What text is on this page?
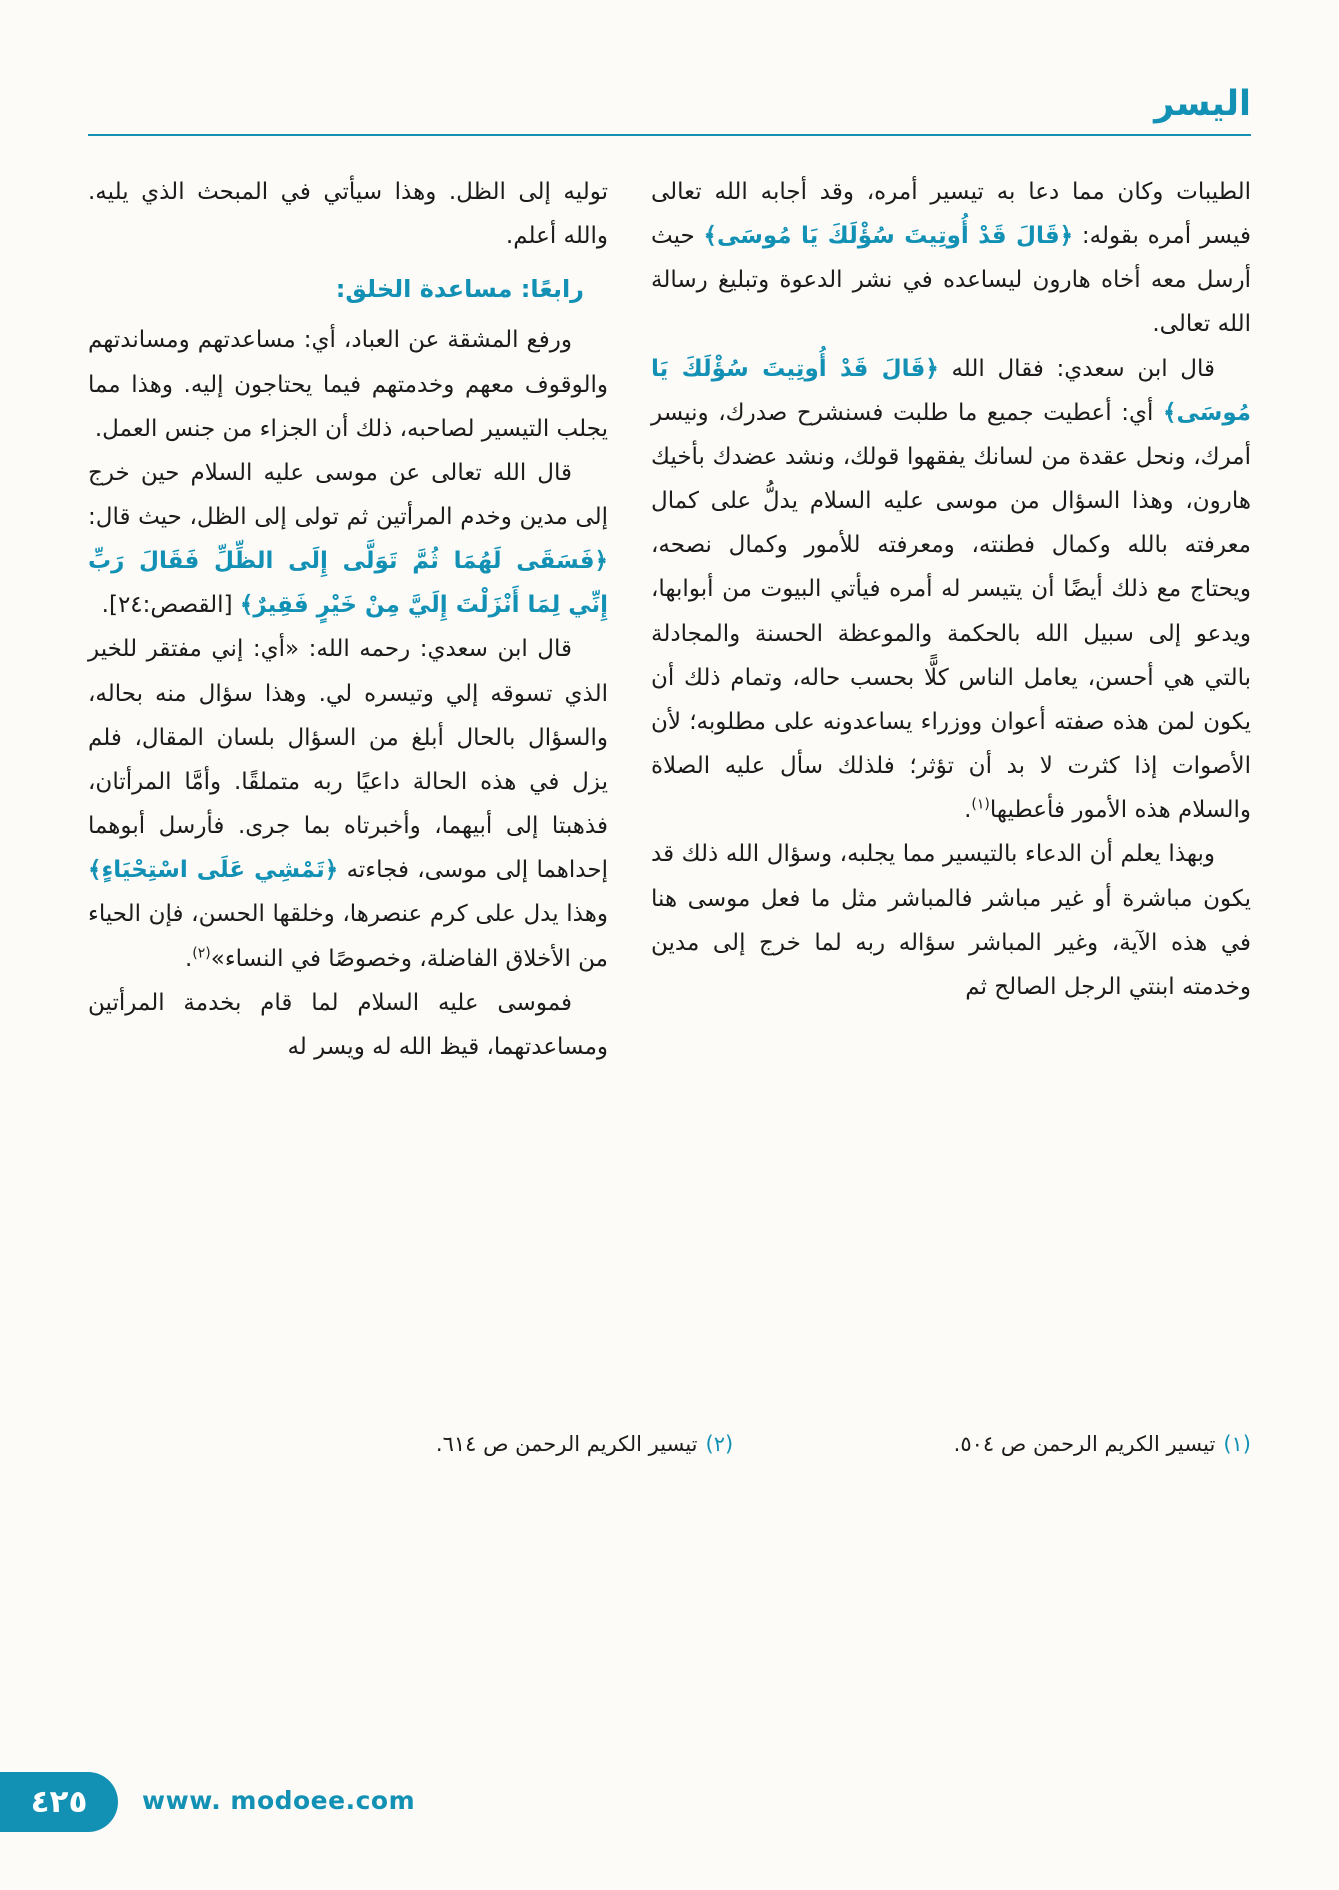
اليسر

الطيبات وكان مما دعا به تيسير أمره، وقد أجابه الله تعالى فيسر أمره بقوله: ﴿قَالَ قَدْ أُوتِيتَ سُؤْلَكَ يَا مُوسَى﴾ حيث أرسل معه أخاه هارون ليساعده في نشر الدعوة وتبليغ رسالة الله تعالى.

قال ابن سعدي: فقال الله ﴿قَالَ قَدْ أُوتِيتَ سُؤْلَكَ يَا مُوسَى﴾ أي: أعطيت جميع ما طلبت فسنشرح صدرك، ونيسر أمرك، ونحل عقدة من لسانك يفقهوا قولك، ونشد عضدك بأخيك هارون، وهذا السؤال من موسى عليه السلام يدلُّ على كمال معرفته بالله وكمال فطنته، ومعرفته للأمور وكمال نصحه، ويحتاج مع ذلك أيضًا أن يتيسر له أمره فيأتي البيوت من أبوابها، ويدعو إلى سبيل الله بالحكمة والموعظة الحسنة والمجادلة بالتي هي أحسن، يعامل الناس كلًّا بحسب حاله، وتمام ذلك أن يكون لمن هذه صفته أعوان ووزراء يساعدونه على مطلوبه؛ لأن الأصوات إذا كثرت لا بد أن تؤثر؛ فلذلك سأل عليه الصلاة والسلام هذه الأمور فأعطيها$^{(١)}$.

وبهذا يعلم أن الدعاء بالتيسير مما يجلبه، وسؤال الله ذلك قد يكون مباشرة أو غير مباشر فالمباشر مثل ما فعل موسى هنا في هذه الآية، وغير المباشر سؤاله ربه لما خرج إلى مدين وخدمته ابنتي الرجل الصالح ثم

توليه إلى الظل. وهذا سيأتي في المبحث الذي يليه. والله أعلم.

رابعًا: مساعدة الخلق:

ورفع المشقة عن العباد، أي: مساعدتهم ومساندتهم والوقوف معهم وخدمتهم فيما يحتاجون إليه. وهذا مما يجلب التيسير لصاحبه، ذلك أن الجزاء من جنس العمل.

قال الله تعالى عن موسى عليه السلام حين خرج إلى مدين وخدم المرأتين ثم تولى إلى الظل، حيث قال: ﴿فَسَقَى لَهُمَا ثُمَّ تَوَلَّى إِلَى الظِّلِّ فَقَالَ رَبِّ إِنِّي لِمَا أَنْزَلْتَ إِلَيَّ مِنْ خَيْرٍ فَقِيرٌ﴾ [القصص:٢٤].

قال ابن سعدي: رحمه الله: «أي: إني مفتقر للخير الذي تسوقه إلي وتيسره لي. وهذا سؤال منه بحاله، والسؤال بالحال أبلغ من السؤال بلسان المقال، فلم يزل في هذه الحالة داعيًا ربه متملقًا. وأمَّا المرأتان، فذهبتا إلى أبيهما، وأخبرتاه بما جرى. فأرسل أبوهما إحداهما إلى موسى، فجاءته ﴿تَمْشِي عَلَى اسْتِحْيَاءٍ﴾ وهذا يدل على كرم عنصرها، وخلقها الحسن، فإن الحياء من الأخلاق الفاضلة، وخصوصًا في النساء»$^{(٢)}$.

فموسى عليه السلام لما قام بخدمة المرأتين ومساعدتهما، قيظ الله له ويسر له

(١)تيسير الكريم الرحمن ص ٥٠٤.
(٢)تيسير الكريم الرحمن ص ٦١٤.
٤٢٥ www. modoee.com
